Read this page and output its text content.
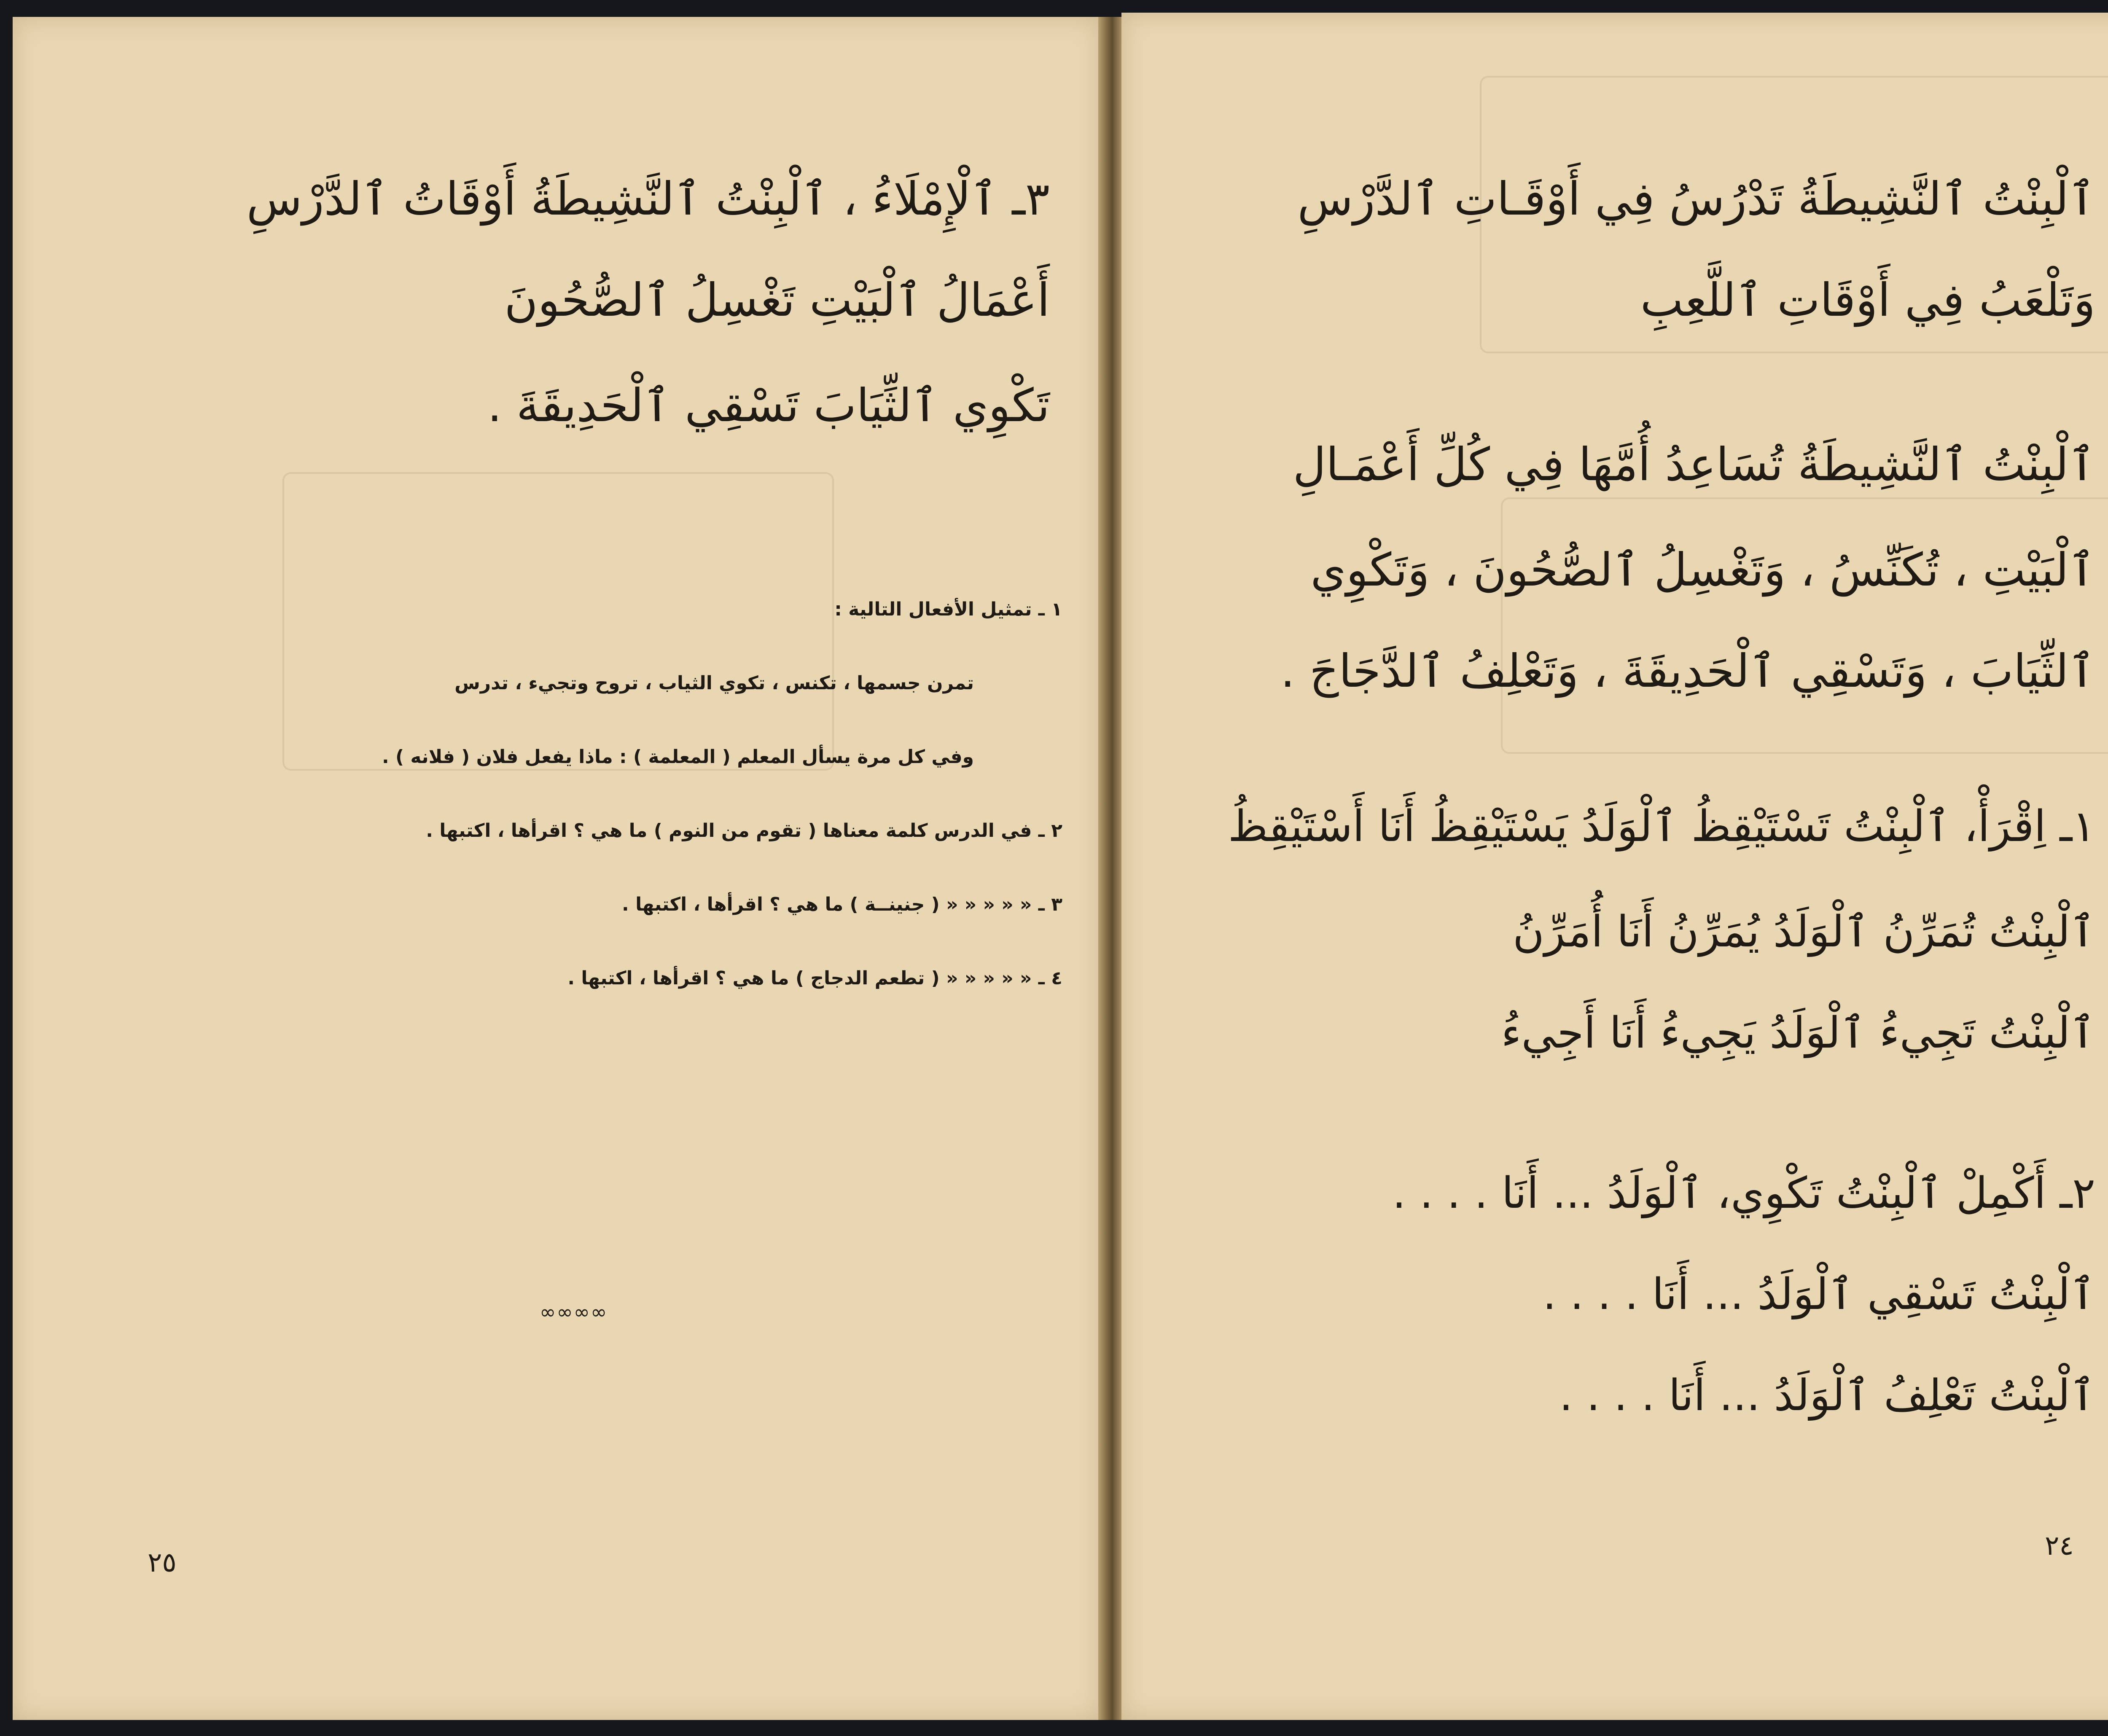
٣ـ ٱلْإِمْلَاءُ ، ٱلْبِنْتُ ٱلنَّشِيطَةُ أَوْقَاتُ ٱلدَّرْسِ
أَعْمَالُ ٱلْبَيْتِ تَغْسِلُ ٱلصُّحُونَ
تَكْوِي ٱلثِّيَابَ تَسْقِي ٱلْحَدِيقَةَ .
١ ـ تمثيل الأفعال التالية :
تمرن جسمها ، تكنس ، تكوي الثياب ، تروح وتجيء ، تدرس
وفي كل مرة يسأل المعلم ( المعلمة ) : ماذا يفعل فلان ( فلانه ) .
٢ ـ في الدرس كلمة معناها ( تقوم من النوم ) ما هي ؟ اقرأها ، اكتبها .
٣ ـ « « « « « ( جنينــة ) ما هي ؟ اقرأها ، اكتبها .
٤ ـ « « « « « ( تطعم الدجاج ) ما هي ؟ اقرأها ، اكتبها .
∞∞∞∞
٢٥
ٱلْبِنْتُ ٱلنَّشِيطَةُ تَدْرُسُ فِي أَوْقَـاتِ ٱلدَّرْسِ
وَتَلْعَبُ فِي أَوْقَاتِ ٱللَّعِبِ
ٱلْبِنْتُ ٱلنَّشِيطَةُ تُسَاعِدُ أُمَّهَا فِي كُلِّ أَعْمَـالِ
ٱلْبَيْتِ ، تُكَنِّسُ ، وَتَغْسِلُ ٱلصُّحُونَ ، وَتَكْوِي
ٱلثِّيَابَ ، وَتَسْقِي ٱلْحَدِيقَةَ ، وَتَعْلِفُ ٱلدَّجَاجَ .
١ـ اِقْرَأْ، ٱلْبِنْتُ تَسْتَيْقِظُ ٱلْوَلَدُ يَسْتَيْقِظُ أَنَا أَسْتَيْقِظُ
ٱلْبِنْتُ تُمَرِّنُ ٱلْوَلَدُ يُمَرِّنُ أَنَا أُمَرِّنُ
ٱلْبِنْتُ تَجِيءُ ٱلْوَلَدُ يَجِيءُ أَنَا أَجِيءُ
٢ـ أَكْمِلْ ٱلْبِنْتُ تَكْوِي، ٱلْوَلَدُ ... أَنَا . . . .
ٱلْبِنْتُ تَسْقِي ٱلْوَلَدُ ... أَنَا . . . .
ٱلْبِنْتُ تَعْلِفُ ٱلْوَلَدُ ... أَنَا . . . .
٢٤
